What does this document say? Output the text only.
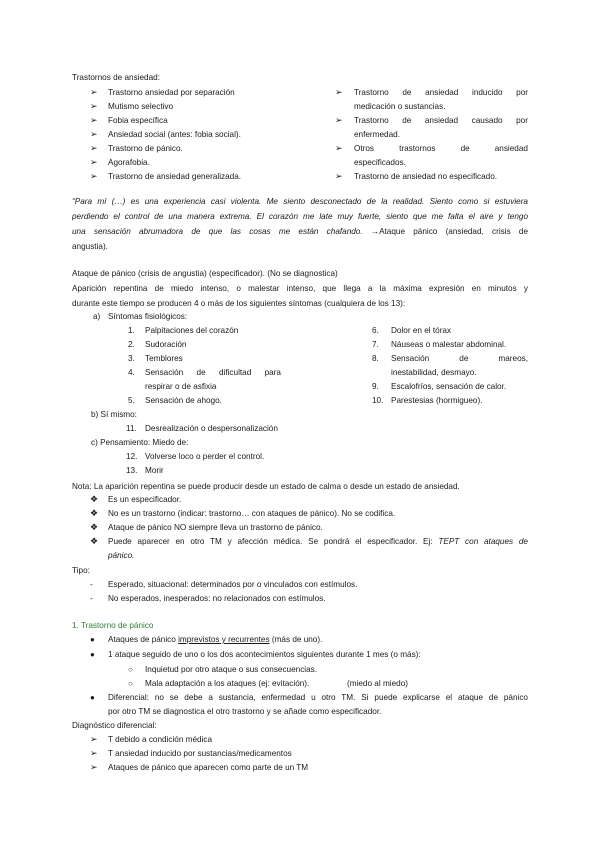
Trastornos de ansiedad:
“Para mí (…) es una experiencia casi violenta. Me siento desconectado de la realidad. Siento como si estuviera
perdiendo el control de una manera extrema. El corazón me late muy fuerte, siento que me falta el aire y tengo
una sensación abrumadora de que las cosas me están chafando. →Ataque pánico (ansiedad, crisis de
angustia).
Ataque de pánico (crisis de angustia) (especificador). (No se diagnostica)
Aparición repentina de miedo intenso, o malestar intenso, que llega a la máxima expresión en minutos y
durante este tiempo se producen 4 o más de los siguientes síntomas (cualquiera de los 13):
a) Síntomas fisiológicos:
b) Sí mismo:
c) Pensamiento: Miedo de:
Nota: La aparición repentina se puede producir desde un estado de calma o desde un estado de ansiedad.
❖ Puede aparecer en otro TM y afección médica. Se pondrá el especificador. Ej: TEPT con ataques de
pánico.
Tipo:
1. Trastorno de pánico
● Ataques de pánico imprevistos y recurrentes (más de uno).
● 1 ataque seguido de uno o los dos acontecimientos siguientes durante 1 mes (o más):
○ Inquietud por otro ataque o sus consecuencias.
○ Mala adaptación a los ataques (ej: evitación).	(miedo al miedo)
● Diferencial: no se debe a sustancia, enfermedad u otro TM. Si puede explicarse el ataque de pánico
por otro TM se diagnostica el otro trastorno y se añade como especificador.
Diagnóstico diferencial:
➢ Trastorno ansiedad por separación
➢ Mutismo selectivo
➢ Fobia específica
➢ Ansiedad social (antes: fobia social).
➢ Trastorno de pánico.
➢ Agorafobia.
➢ Trastorno de ansiedad generalizada.
➢ Trastorno de ansiedad inducido por
medicación o sustancias.
➢ Trastorno de ansiedad causado por
enfermedad.
➢ Otros	trastornos	de	ansiedad
especificados.
➢ Trastorno de ansiedad no especificado.
1. Palpitaciones del corazón
2. Sudoración
3. Temblores
4. Sensación de dificultad para
respirar o de asfixia
5. Sensación de ahogo.
6. Dolor en el tórax
7. Náuseas o malestar abdominal.
8. Sensación	de	mareos,
inestabilidad, desmayo.
9. Escalofríos, sensación de calor.
10. Parestesias (hormigueo).
11. Desrealización o despersonalización
12. Volverse loco o perder el control.
13. Morir
❖ Es un especificador.
❖ No es un trastorno (indicar: trastorno… con ataques de pánico). No se codifica.
❖ Ataque de pánico NO siempre lleva un trastorno de pánico.
- Esperado, situacional: determinados por o vinculados con estímulos.
- No esperados, inesperados: no relacionados con estímulos.
➢ T debido a condición médica
➢ T ansiedad inducido por sustancias/medicamentos
➢ Ataques de pánico que aparecen como parte de un TM
